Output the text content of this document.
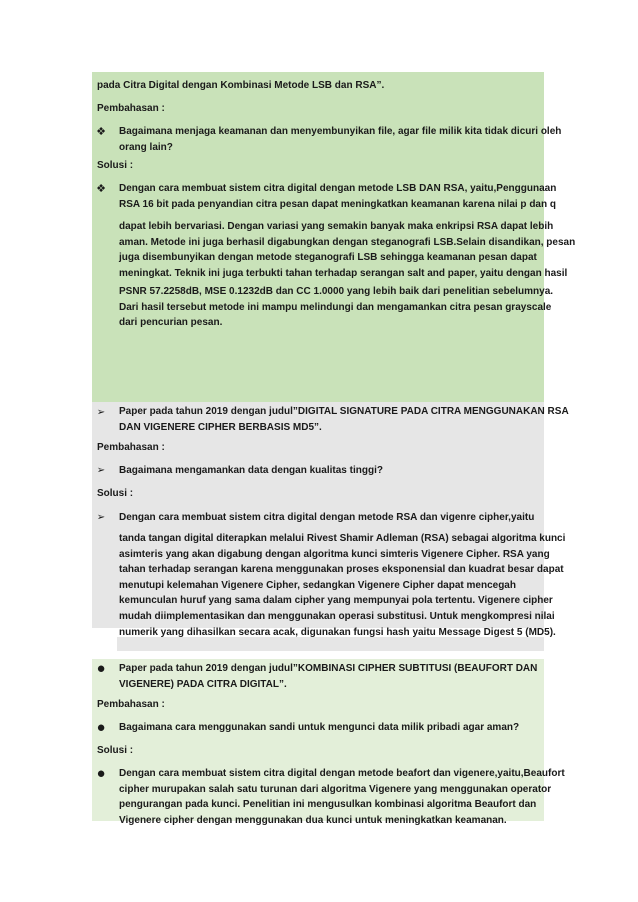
pada Citra Digital dengan Kombinasi Metode LSB dan RSA”.

Pembahasan :

❖ Bagaimana menjaga keamanan dan menyembunyikan file, agar file milik kita tidak dicuri oleh
orang lain?

Solusi :

❖ Dengan cara membuat sistem citra digital dengan metode LSB DAN RSA, yaitu,Penggunaan
RSA 16 bit pada penyandian citra pesan dapat meningkatkan keamanan karena nilai p dan q
dapat lebih bervariasi. Dengan variasi yang semakin banyak maka enkripsi RSA dapat lebih
aman. Metode ini juga berhasil digabungkan dengan steganografi LSB.Selain disandikan, pesan
juga disembunyikan dengan metode steganografi LSB sehingga keamanan pesan dapat
meningkat. Teknik ini juga terbukti tahan terhadap serangan salt and paper, yaitu dengan hasil
PSNR 57.2258dB, MSE 0.1232dB dan CC 1.0000 yang lebih baik dari penelitian sebelumnya.
Dari hasil tersebut metode ini mampu melindungi dan mengamankan citra pesan grayscale
dari pencurian pesan.
➢ Paper pada tahun 2019 dengan judul”DIGITAL SIGNATURE PADA CITRA MENGGUNAKAN RSA
DAN VIGENERE CIPHER BERBASIS MD5”.

Pembahasan :

➢ Bagaimana mengamankan data dengan kualitas tinggi?

Solusi :

➢ Dengan cara membuat sistem citra digital dengan metode RSA dan vigenre cipher,yaitu

tanda tangan digital diterapkan melalui Rivest Shamir Adleman (RSA) sebagai algoritma kunci
asimteris yang akan digabung dengan algoritma kunci simteris Vigenere Cipher. RSA yang
tahan terhadap serangan karena menggunakan proses eksponensial dan kuadrat besar dapat
menutupi kelemahan Vigenere Cipher, sedangkan Vigenere Cipher dapat mencegah
kemunculan huruf yang sama dalam cipher yang mempunyai pola tertentu. Vigenere cipher
mudah diimplementasikan dan menggunakan operasi substitusi. Untuk mengkompresi nilai
numerik yang dihasilkan secara acak, digunakan fungsi hash yaitu Message Digest 5 (MD5).
● Paper pada tahun 2019 dengan judul”KOMBINASI CIPHER SUBTITUSI (BEAUFORT DAN
VIGENERE) PADA CITRA DIGITAL”.

Pembahasan :

● Bagaimana cara menggunakan sandi untuk mengunci data milik pribadi agar aman?

Solusi :

● Dengan cara membuat sistem citra digital dengan metode beafort dan vigenere,yaitu,Beaufort
cipher murupakan salah satu turunan dari algoritma Vigenere yang menggunakan operator
pengurangan pada kunci. Penelitian ini mengusulkan kombinasi algoritma Beaufort dan
Vigenere cipher dengan menggunakan dua kunci untuk meningkatkan keamanan.
